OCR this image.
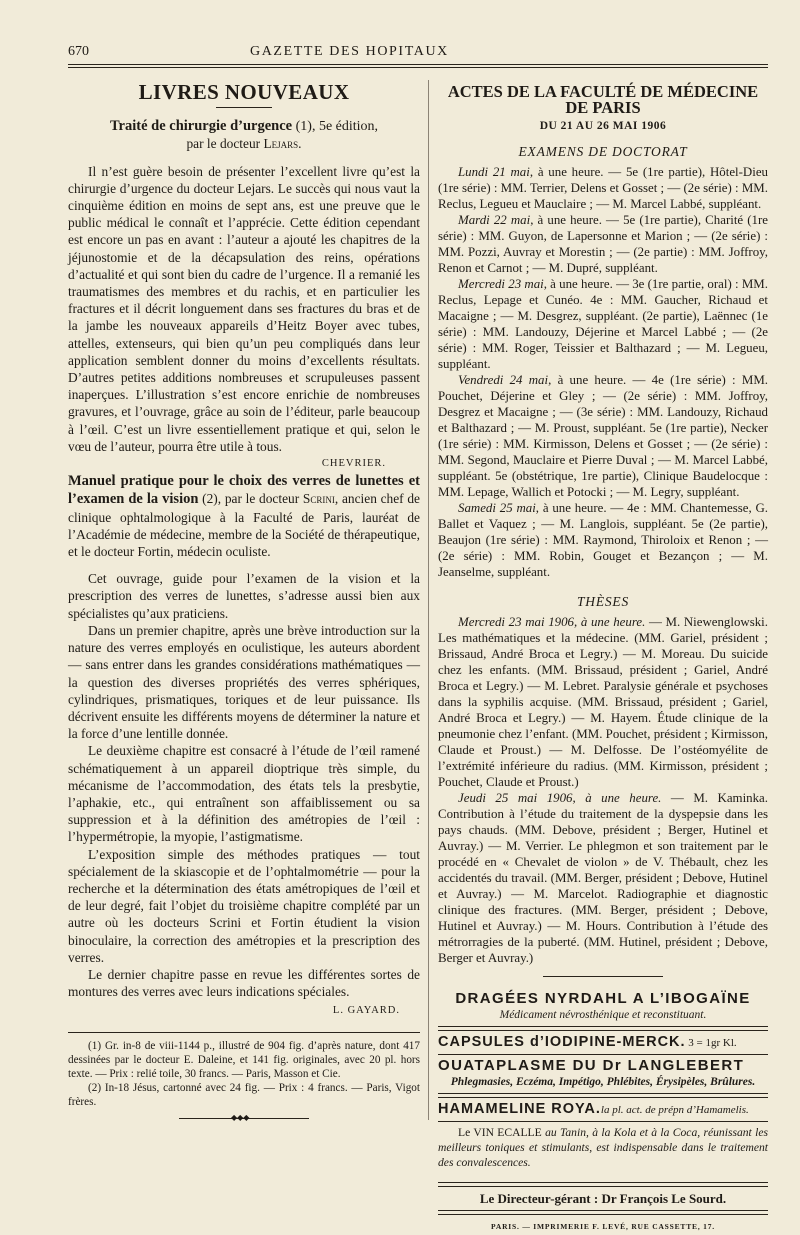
670	GAZETTE DES HOPITAUX
LIVRES NOUVEAUX
Traité de chirurgie d’urgence (1), 5e édition,
par le docteur Lejars.

Il n’est guère besoin de présenter l’excellent livre qu’est la chirurgie d’urgence du docteur Lejars. Le succès qui nous vaut la cinquième édition en moins de sept ans, est une preuve que le public médical le connaît et l’apprécie. Cette édition cependant est encore un pas en avant : l’auteur a ajouté les chapitres de la jéjunostomie et de la décapsulation des reins, opérations d’actualité et qui sont bien du cadre de l’urgence. Il a remanié les traumatismes des membres et du rachis, et en particulier les fractures et il décrit longuement dans ses fractures du bras et de la jambe les nouveaux appareils d’Heitz Boyer avec tubes, attelles, extenseurs, qui bien qu’un peu compliqués dans leur application semblent donner du moins d’excellents résultats. D’autres petites additions nombreuses et scrupuleuses passent inaperçues. L’illustration s’est encore enrichie de nombreuses gravures, et l’ouvrage, grâce au soin de l’éditeur, parle beaucoup à l’œil. C’est un livre essentiellement pratique et qui, selon le vœu de l’auteur, pourra être utile à tous.

CHEVRIER.

Manuel pratique pour le choix des verres de lunettes et l’examen de la vision (2), par le docteur Scrini, ancien chef de clinique ophtalmologique à la Faculté de Paris, lauréat de l’Académie de médecine, membre de la Société de thérapeutique, et le docteur Fortin, médecin oculiste.

Cet ouvrage, guide pour l’examen de la vision et la prescription des verres de lunettes, s’adresse aussi bien aux spécialistes qu’aux praticiens.

Dans un premier chapitre, après une brève introduction sur la nature des verres employés en oculistique, les auteurs abordent — sans entrer dans les grandes considérations mathématiques — la question des diverses propriétés des verres sphériques, cylindriques, prismatiques, toriques et de leur puissance. Ils décrivent ensuite les différents moyens de déterminer la nature et la force d’une lentille donnée.

Le deuxième chapitre est consacré à l’étude de l’œil ramené schématiquement à un appareil dioptrique très simple, du mécanisme de l’accommodation, des états tels la presbytie, l’aphakie, etc., qui entraînent son affaiblissement ou sa suppression et à la définition des amétropies de l’œil : l’hypermétropie, la myopie, l’astigmatisme.

L’exposition simple des méthodes pratiques — tout spécialement de la skiascopie et de l’ophtalmométrie — pour la recherche et la détermination des états amétropiques de l’œil et de leur degré, fait l’objet du troisième chapitre complété par un autre où les docteurs Scrini et Fortin étudient la vision binoculaire, la correction des amétropies et la prescription des verres.

Le dernier chapitre passe en revue les différentes sortes de montures des verres avec leurs indications spéciales.

L. GAYARD.

(1) Gr. in-8 de viii-1144 p., illustré de 904 fig. d’après nature, dont 417 dessinées par le docteur E. Daleine, et 141 fig. originales, avec 20 pl. hors texte. — Prix : relié toile, 30 francs. — Paris, Masson et Cie.

(2) In-18 Jésus, cartonné avec 24 fig. — Prix : 4 francs. — Paris, Vigot frères.

◆◆◆
ACTES DE LA FACULTÉ DE MÉDECINE DE PARIS
DU 21 AU 26 MAI 1906
EXAMENS DE DOCTORAT

Lundi 21 mai, à une heure. — 5e (1re partie), Hôtel-Dieu (1re série) : MM. Terrier, Delens et Gosset ; — (2e série) : MM. Reclus, Legueu et Mauclaire ; — M. Marcel Labbé, suppléant.

Mardi 22 mai, à une heure. — 5e (1re partie), Charité (1re série) : MM. Guyon, de Lapersonne et Marion ; — (2e série) : MM. Pozzi, Auvray et Morestin ; — (2e partie) : MM. Joffroy, Renon et Carnot ; — M. Dupré, suppléant.

Mercredi 23 mai, à une heure. — 3e (1re partie, oral) : MM. Reclus, Lepage et Cunéo. 4e : MM. Gaucher, Richaud et Macaigne ; — M. Desgrez, suppléant. (2e partie), Laënnec (1e série) : MM. Landouzy, Déjerine et Marcel Labbé ; — (2e série) : MM. Roger, Teissier et Balthazard ; — M. Legueu, suppléant.

Vendredi 24 mai, à une heure. — 4e (1re série) : MM. Pouchet, Déjerine et Gley ; — (2e série) : MM. Joffroy, Desgrez et Macaigne ; — (3e série) : MM. Landouzy, Richaud et Balthazard ; — M. Proust, suppléant. 5e (1re partie), Necker (1re série) : MM. Kirmisson, Delens et Gosset ; — (2e série) : MM. Segond, Mauclaire et Pierre Duval ; — M. Marcel Labbé, suppléant. 5e (obstétrique, 1re partie), Clinique Baudelocque : MM. Lepage, Wallich et Potocki ; — M. Legry, suppléant.

Samedi 25 mai, à une heure. — 4e : MM. Chantemesse, G. Ballet et Vaquez ; — M. Langlois, suppléant. 5e (2e partie), Beaujon (1re série) : MM. Raymond, Thiroloix et Renon ; — (2e série) : MM. Robin, Gouget et Bezançon ; — M. Jeanselme, suppléant.

THÈSES

Mercredi 23 mai 1906, à une heure. — M. Niewenglowski. Les mathématiques et la médecine. (MM. Gariel, président ; Brissaud, André Broca et Legry.) — M. Moreau. Du suicide chez les enfants. (MM. Brissaud, président ; Gariel, André Broca et Legry.) — M. Lebret. Paralysie générale et psychoses dans la syphilis acquise. (MM. Brissaud, président ; Gariel, André Broca et Legry.) — M. Hayem. Étude clinique de la pneumonie chez l’enfant. (MM. Pouchet, président ; Kirmisson, Claude et Proust.) — M. Delfosse. De l’ostéomyélite de l’extrémité inférieure du radius. (MM. Kirmisson, président ; Pouchet, Claude et Proust.)

Jeudi 25 mai 1906, à une heure. — M. Kaminka. Contribution à l’étude du traitement de la dyspepsie dans les pays chauds. (MM. Debove, président ; Berger, Hutinel et Auvray.) — M. Verrier. Le phlegmon et son traitement par le procédé en « Chevalet de violon » de V. Thébault, chez les accidentés du travail. (MM. Berger, président ; Debove, Hutinel et Auvray.) — M. Marcelot. Radiographie et diagnostic clinique des fractures. (MM. Berger, président ; Debove, Hutinel et Auvray.) — M. Hours. Contribution à l’étude des métrorragies de la puberté. (MM. Hutinel, président ; Debove, Berger et Auvray.)

DRAGÉES NYRDAHL A L’IBOGAÏNE
Médicament névrosthénique et reconstituant.
CAPSULES d’IODIPINE-MERCK. 3 = 1gr Kl.
OUATAPLASME DU Dr LANGLEBERT
Phlegmasies, Eczéma, Impétigo, Phlébites, Érysipèles, Brûlures.
HAMAMELINE ROYA.la pl. act. de prépn d’Hamamelis.

Le VIN ECALLE au Tanin, à la Kola et à la Coca, réunissant les meilleurs toniques et stimulants, est indispensable dans le traitement des convalescences.

Le Directeur-gérant : Dr François Le Sourd.
PARIS. — IMPRIMERIE F. LEVÉ, RUE CASSETTE, 17.
